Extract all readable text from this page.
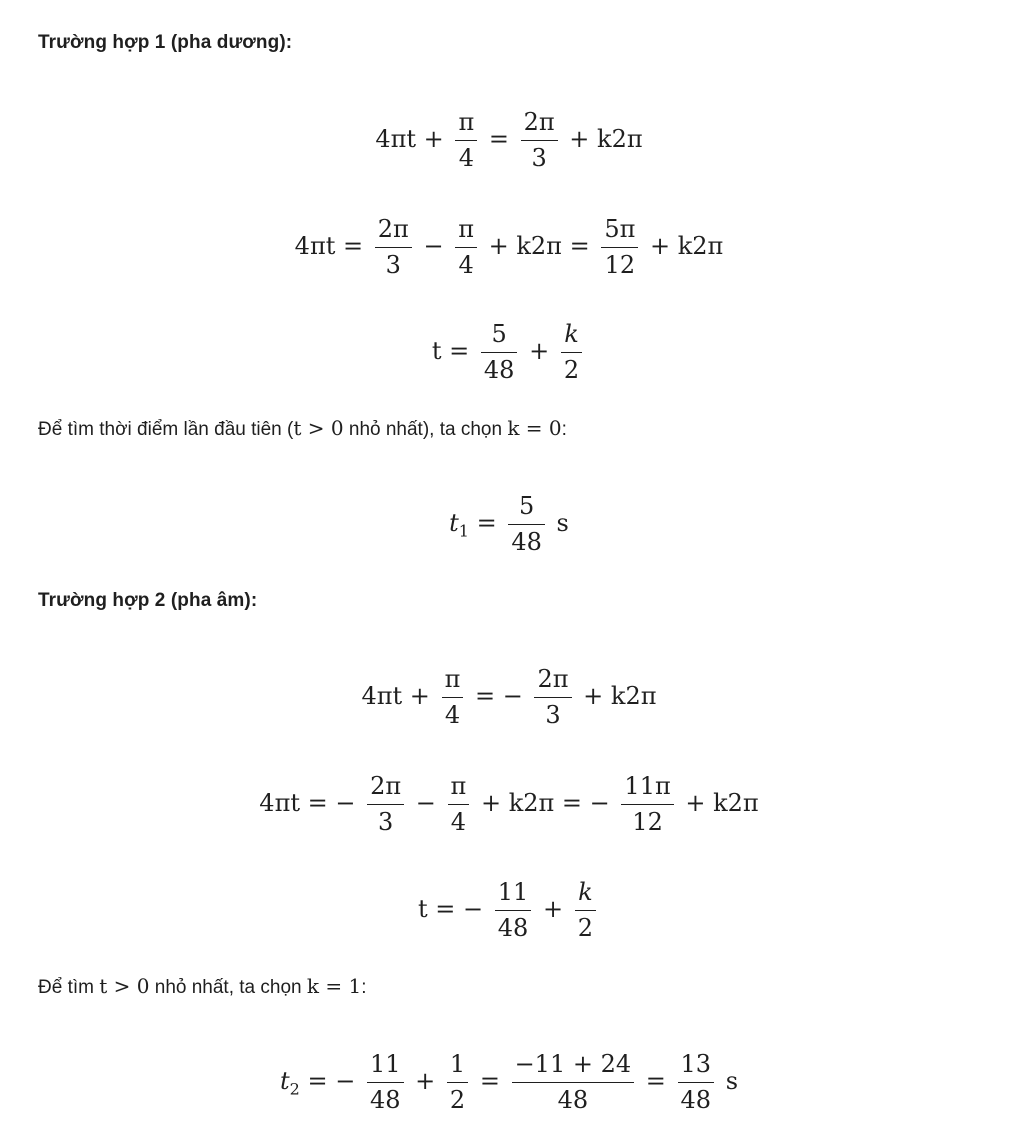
Trường hợp 1 (pha dương):
$4\pi t + \frac{\pi}{4} = \frac{2\pi}{3} + k2\pi$
$4\pi t = \frac{2\pi}{3} - \frac{\pi}{4} + k2\pi = \frac{5\pi}{12} + k2\pi$
$t = \frac{5}{48} + \frac{k}{2}$
Để tìm thời điểm lần đầu tiên (t > 0 nhỏ nhất), ta chọn k = 0:
$t_1 = \frac{5}{48}$ s
Trường hợp 2 (pha âm):
$4\pi t + \frac{\pi}{4}$ = − $\frac{2\pi}{3} + k2\pi$
4πt = − $\frac{2\pi}{3} - \frac{\pi}{4} + k2\pi$ = − $\frac{11\pi}{12} + k2\pi$
t = − $\frac{11}{48} + \frac{k}{2}$
Để tìm t > 0 nhỏ nhất, ta chọn k = 1:
$t_2$ = − $\frac{11}{48} + \frac{1}{2} = \frac{-11 + 24}{48} = \frac{13}{48}$ s
